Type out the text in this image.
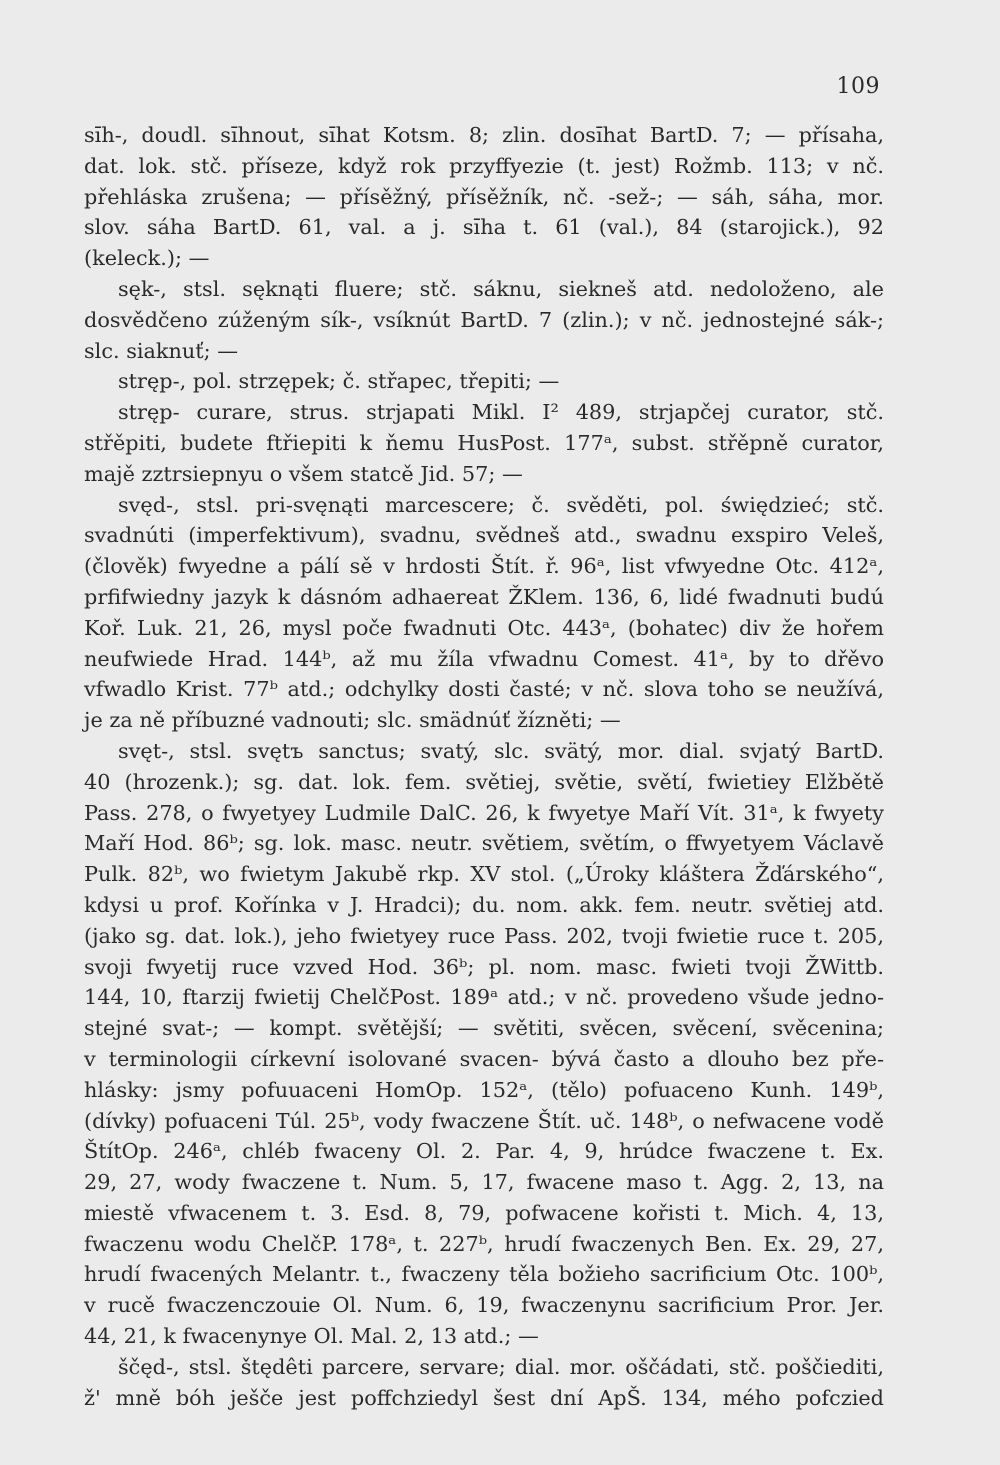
109
sı̄h-, doudl. sı̄hnout, sı̄hat Kotsm. 8; zlin. dosı̄hat BartD. 7; — přísaha,
dat. lok. stč. příseze, když rok przyffyezie (t. jest) Rožmb. 113; v nč.
přehláska zrušena; — přísěžný, přísěžník, nč. -sež-; — sáh, sáha, mor.
slov. sáha BartD. 61, val. a j. sı̄ha t. 61 (val.), 84 (starojick.), 92
(keleck.); —
sęk-, stsl. sęknąti fluere; stč. sáknu, siekneš atd. nedoloženo, ale
dosvědčeno zúženým sík-, vsíknút BartD. 7 (zlin.); v nč. jednostejné sák-;
slc. siaknuť; —
stręp-, pol. strzępek; č. střapec, třepiti; —
stręp- curare, strus. strjapati Mikl. I² 489, strjapčej curator, stč.
střěpiti, budete ftřiepiti k ňemu HusPost. 177ᵃ, subst. střěpně curator,
majě zztrsiepnyu o všem statcě Jid. 57; —
svęd-, stsl. pri-svęnąti marcescere; č. svěděti, pol. świędzieć; stč.
svadnúti (imperfektivum), svadnu, svědneš atd., swadnu exspiro Veleš,
(člověk) fwyedne a pálí sě v hrdosti Štít. ř. 96ᵃ, list vfwyedne Otc. 412ᵃ,
prfifwiedny jazyk k dásnóm adhaereat ŽKlem. 136, 6, lidé fwadnuti budú
Koř. Luk. 21, 26, mysl poče fwadnuti Otc. 443ᵃ, (bohatec) div že hořem
neufwiede Hrad. 144ᵇ, až mu žíla vfwadnu Comest. 41ᵃ, by to dřěvo
vfwadlo Krist. 77ᵇ atd.; odchylky dosti časté; v nč. slova toho se neužívá,
je za ně příbuzné vadnouti; slc. smädnúť žízněti; —
svęt-, stsl. svętъ sanctus; svatý, slc. svätý, mor. dial. svjatý BartD.
40 (hrozenk.); sg. dat. lok. fem. světiej, světie, světí, fwietiey Elžbětě
Pass. 278, o fwyetyey Ludmile DalC. 26, k fwyetye Maří Vít. 31ᵃ, k fwyety
Maří Hod. 86ᵇ; sg. lok. masc. neutr. světiem, světím, o ffwyetyem Václavě
Pulk. 82ᵇ, wo fwietym Jakubě rkp. XV stol. („Úroky kláštera Žďárského“,
kdysi u prof. Kořínka v J. Hradci); du. nom. akk. fem. neutr. světiej atd.
(jako sg. dat. lok.), jeho fwietyey ruce Pass. 202, tvoji fwietie ruce t. 205,
svoji fwyetij ruce vzved Hod. 36ᵇ; pl. nom. masc. fwieti tvoji ŽWittb.
144, 10, ftarzij fwietij ChelčPost. 189ᵃ atd.; v nč. provedeno všude jedno-
stejné svat-; — kompt. světější; — světiti, svěcen, svěcení, svěcenina;
v terminologii církevní isolované svacen- bývá často a dlouho bez pře-
hlásky: jsmy pofuuaceni HomOp. 152ᵃ, (tělo) pofuaceno Kunh. 149ᵇ,
(dívky) pofuaceni Túl. 25ᵇ, vody fwaczene Štít. uč. 148ᵇ, o nefwacene vodě
ŠtítOp. 246ᵃ, chléb fwaceny Ol. 2. Par. 4, 9, hrúdce fwaczene t. Ex.
29, 27, wody fwaczene t. Num. 5, 17, fwacene maso t. Agg. 2, 13, na
miestě vfwacenem t. 3. Esd. 8, 79, pofwacene kořisti t. Mich. 4, 13,
fwaczenu wodu ChelčP. 178ᵃ, t. 227ᵇ, hrudí fwaczenych Ben. Ex. 29, 27,
hrudí fwacených Melantr. t., fwaczeny těla božieho sacrificium Otc. 100ᵇ,
v rucě fwaczenczouie Ol. Num. 6, 19, fwaczenynu sacrificium Pror. Jer.
44, 21, k fwacenynye Ol. Mal. 2, 13 atd.; —
ščęd-, stsl. štędêti parcere, servare; dial. mor. oščádati, stč. poščiediti,
ž' mně bóh ješče jest poffchziedyl šest dní ApŠ. 134, mého pofczied
